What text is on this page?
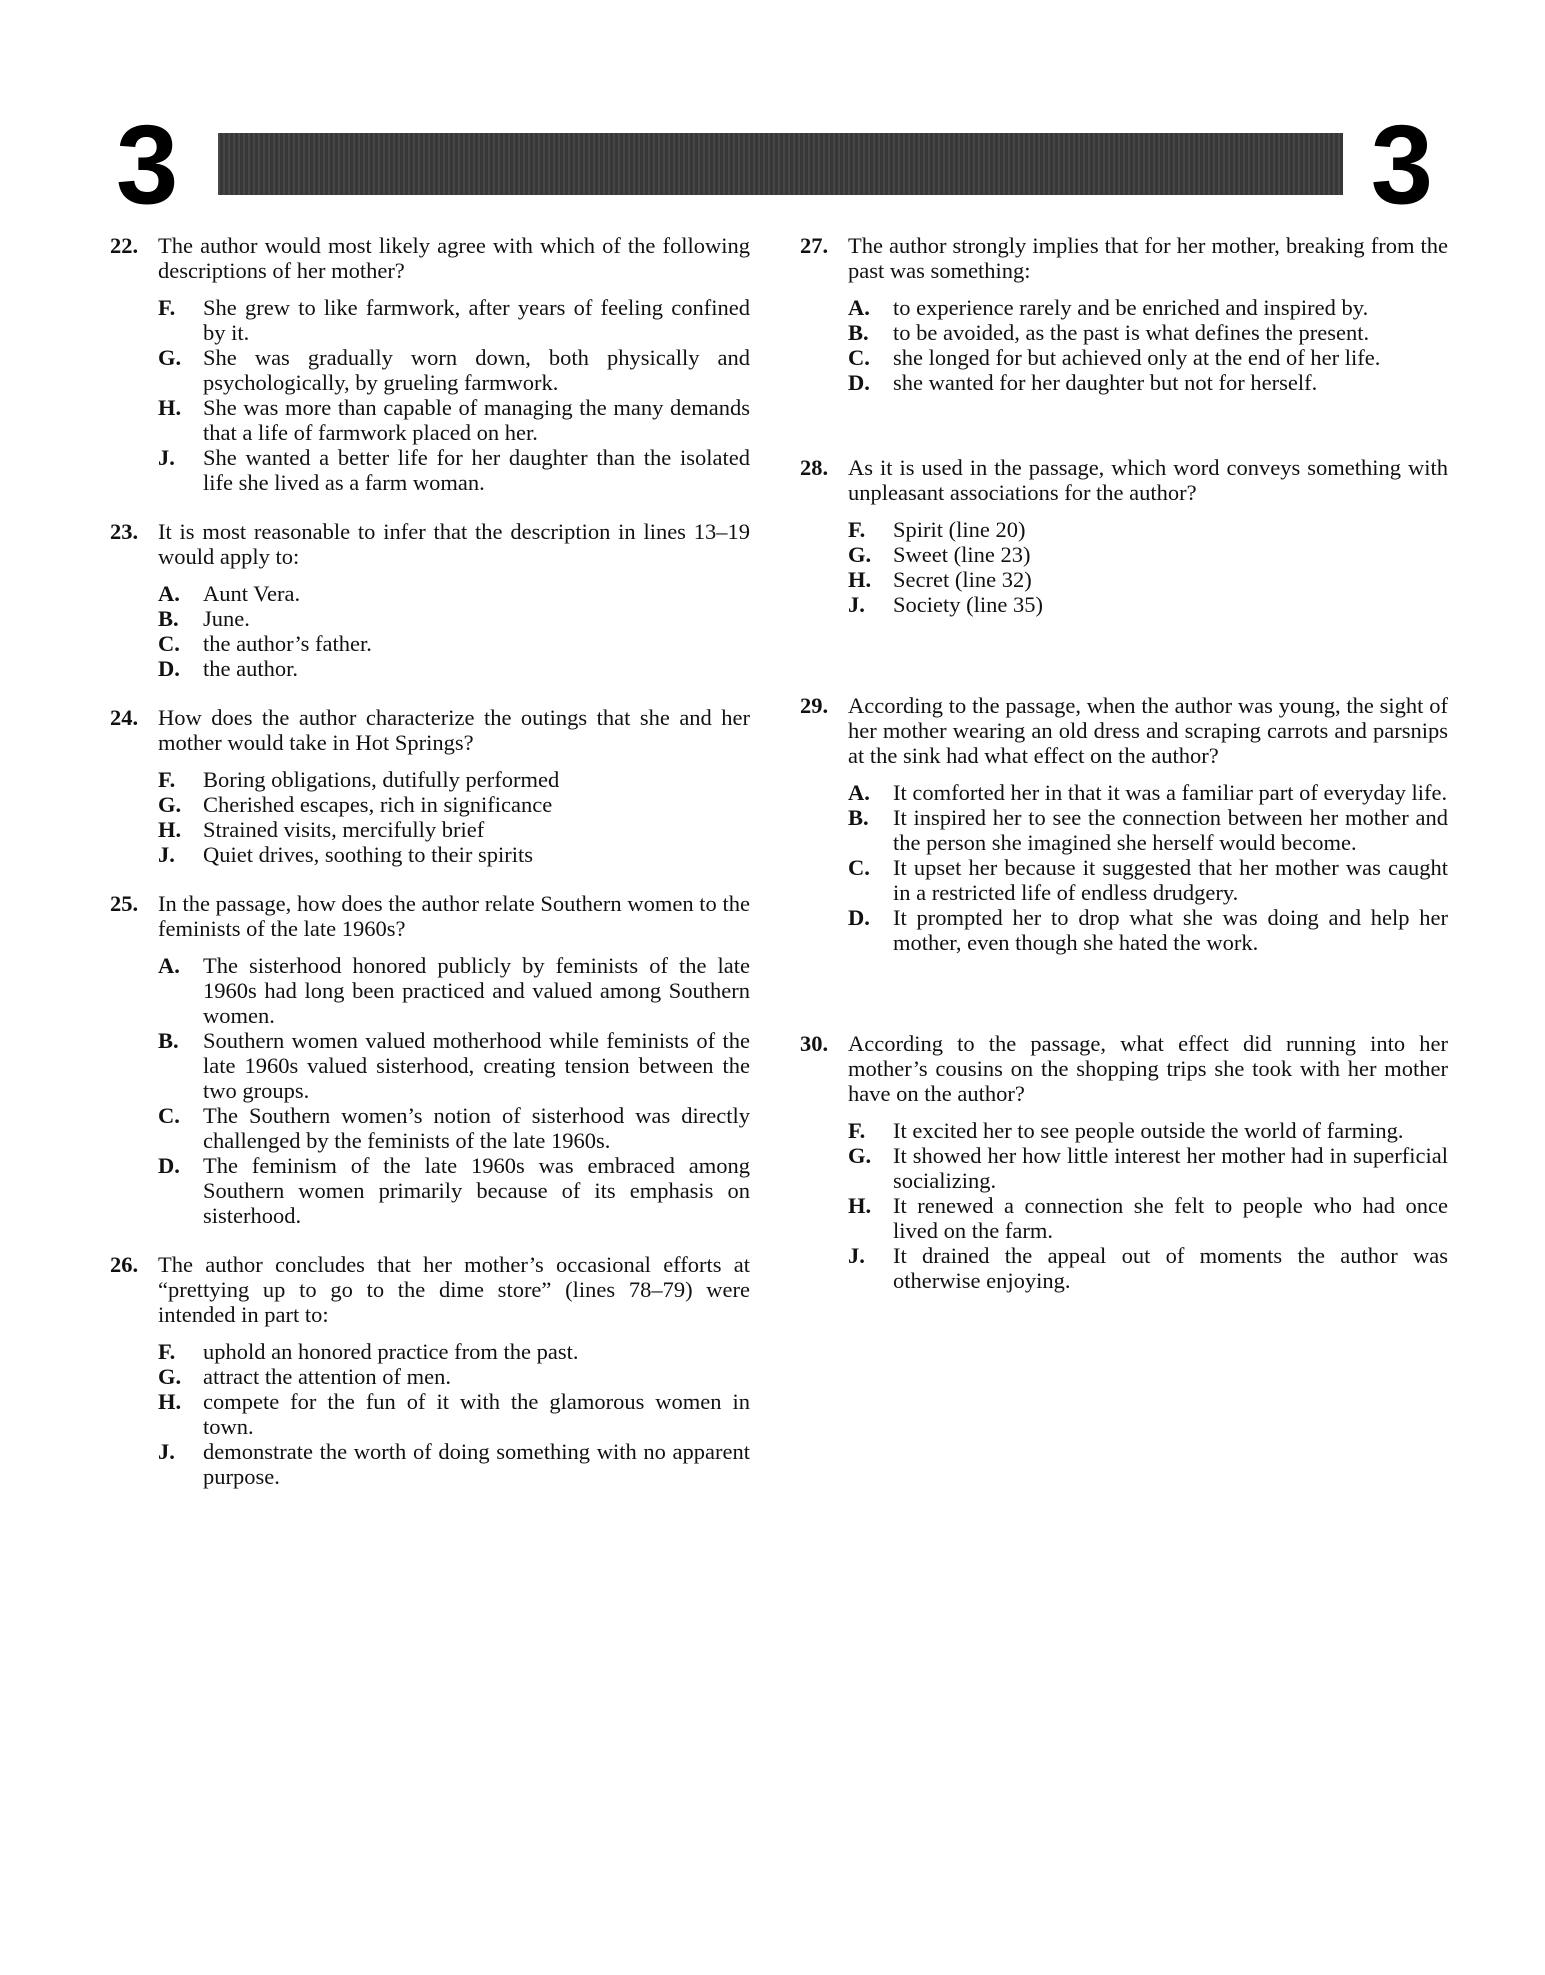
3	3
22. The author would most likely agree with which of the following descriptions of her mother?
F. She grew to like farmwork, after years of feeling confined by it.
G. She was gradually worn down, both physically and psychologically, by grueling farmwork.
H. She was more than capable of managing the many demands that a life of farmwork placed on her.
J. She wanted a better life for her daughter than the isolated life she lived as a farm woman.
23. It is most reasonable to infer that the description in lines 13–19 would apply to:
A. Aunt Vera.
B. June.
C. the author’s father.
D. the author.
24. How does the author characterize the outings that she and her mother would take in Hot Springs?
F. Boring obligations, dutifully performed
G. Cherished escapes, rich in significance
H. Strained visits, mercifully brief
J. Quiet drives, soothing to their spirits
25. In the passage, how does the author relate Southern women to the feminists of the late 1960s?
A. The sisterhood honored publicly by feminists of the late 1960s had long been practiced and valued among Southern women.
B. Southern women valued motherhood while feminists of the late 1960s valued sisterhood, creating tension between the two groups.
C. The Southern women’s notion of sisterhood was directly challenged by the feminists of the late 1960s.
D. The feminism of the late 1960s was embraced among Southern women primarily because of its emphasis on sisterhood.
26. The author concludes that her mother’s occasional efforts at “prettying up to go to the dime store” (lines 78–79) were intended in part to:
F. uphold an honored practice from the past.
G. attract the attention of men.
H. compete for the fun of it with the glamorous women in town.
J. demonstrate the worth of doing something with no apparent purpose.
27. The author strongly implies that for her mother, breaking from the past was something:
A. to experience rarely and be enriched and inspired by.
B. to be avoided, as the past is what defines the present.
C. she longed for but achieved only at the end of her life.
D. she wanted for her daughter but not for herself.
28. As it is used in the passage, which word conveys something with unpleasant associations for the author?
F. Spirit (line 20)
G. Sweet (line 23)
H. Secret (line 32)
J. Society (line 35)
29. According to the passage, when the author was young, the sight of her mother wearing an old dress and scraping carrots and parsnips at the sink had what effect on the author?
A. It comforted her in that it was a familiar part of everyday life.
B. It inspired her to see the connection between her mother and the person she imagined she herself would become.
C. It upset her because it suggested that her mother was caught in a restricted life of endless drudgery.
D. It prompted her to drop what she was doing and help her mother, even though she hated the work.
30. According to the passage, what effect did running into her mother’s cousins on the shopping trips she took with her mother have on the author?
F. It excited her to see people outside the world of farming.
G. It showed her how little interest her mother had in superficial socializing.
H. It renewed a connection she felt to people who had once lived on the farm.
J. It drained the appeal out of moments the author was otherwise enjoying.
